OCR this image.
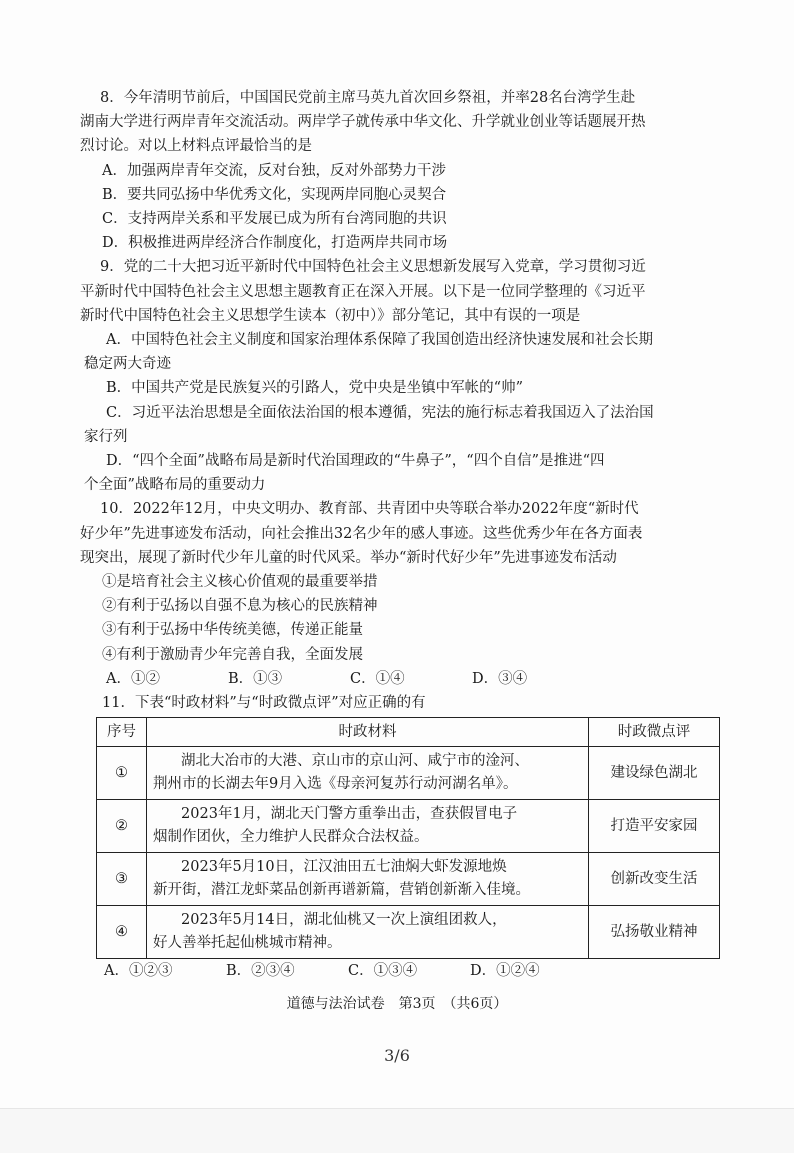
8．今年清明节前后，中国国民党前主席马英九首次回乡祭祖，并率28名台湾学生赴

湖南大学进行两岸青年交流活动。两岸学子就传承中华文化、升学就业创业等话题展开热

烈讨论。对以上材料点评最恰当的是

A．加强两岸青年交流，反对台独，反对外部势力干涉

B．要共同弘扬中华优秀文化，实现两岸同胞心灵契合

C．支持两岸关系和平发展已成为所有台湾同胞的共识

D．积极推进两岸经济合作制度化，打造两岸共同市场

9．党的二十大把习近平新时代中国特色社会主义思想新发展写入党章，学习贯彻习近

平新时代中国特色社会主义思想主题教育正在深入开展。以下是一位同学整理的《习近平

新时代中国特色社会主义思想学生读本（初中）》部分笔记，其中有误的一项是

A．中国特色社会主义制度和国家治理体系保障了我国创造出经济快速发展和社会长期

稳定两大奇迹

B．中国共产党是民族复兴的引路人，党中央是坐镇中军帐的“帅”

C．习近平法治思想是全面依法治国的根本遵循，宪法的施行标志着我国迈入了法治国

家行列

D．“四个全面”战略布局是新时代治国理政的“牛鼻子”，“四个自信”是推进“四

个全面”战略布局的重要动力

10．2022年12月，中央文明办、教育部、共青团中央等联合举办2022年度“新时代

好少年”先进事迹发布活动，向社会推出32名少年的感人事迹。这些优秀少年在各方面表

现突出，展现了新时代少年儿童的时代风采。举办“新时代好少年”先进事迹发布活动

①是培育社会主义核心价值观的最重要举措

②有利于弘扬以自强不息为核心的民族精神

③有利于弘扬中华传统美德，传递正能量

④有利于激励青少年完善自我，全面发展

A．①②	B．①③	C．①④	D．③④

11．下表“时政材料”与“时政微点评”对应正确的有

序号	时政材料	时政微点评
①	湖北大冶市的大港、京山市的京山河、咸宁市的淦河、
荆州市的长湖去年9月入选《母亲河复苏行动河湖名单》。	建设绿色湖北
②	2023年1月，湖北天门警方重拳出击，查获假冒电子
烟制作团伙，全力维护人民群众合法权益。	打造平安家园
③	2023年5月10日，江汉油田五七油焖大虾发源地焕
新开街，潜江龙虾菜品创新再谱新篇，营销创新渐入佳境。	创新改变生活
④	2023年5月14日，湖北仙桃又一次上演组团救人，
好人善举托起仙桃城市精神。	弘扬敬业精神
A．①②③	B．②③④	C．①③④	D．①②④
道德与法治试卷　第3页　（共6页）
3/6
